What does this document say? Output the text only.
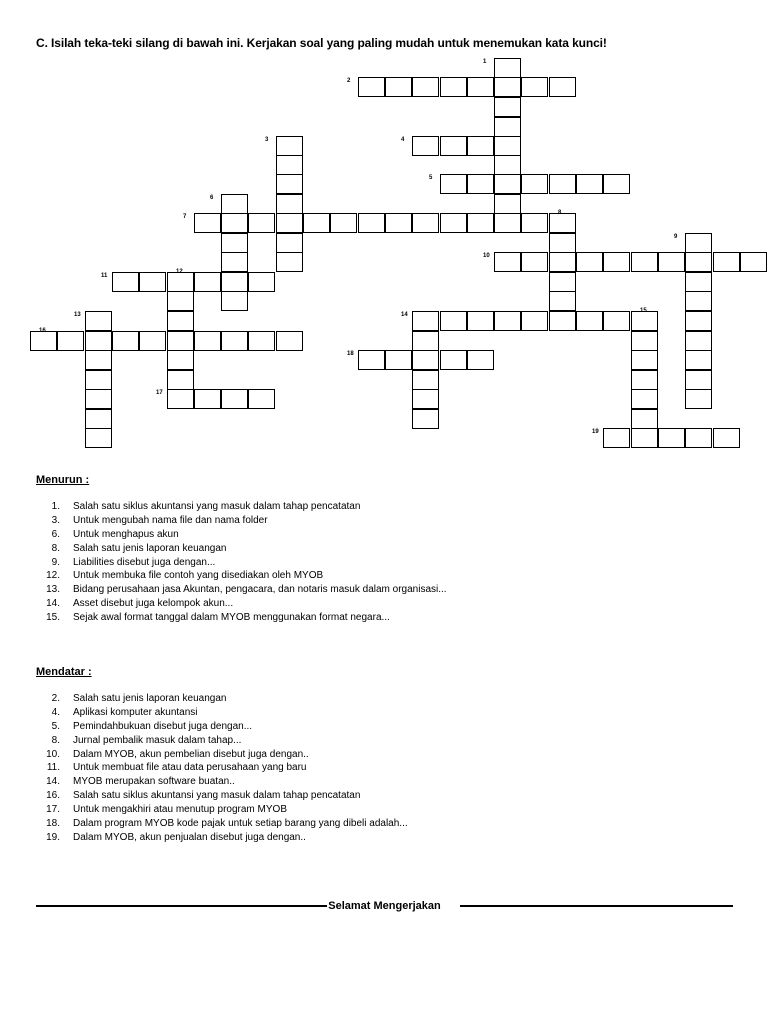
C. Isilah teka-teki silang di bawah ini. Kerjakan soal yang paling mudah untuk menemukan kata kunci!
1
2
3	4
5
6
7
8
9
10
11
12
13	14
15
16
17
18
19
Menurun :
1. Salah satu siklus akuntansi yang masuk dalam tahap pencatatan
3. Untuk mengubah nama file dan nama folder
6. Untuk menghapus akun
8. Salah satu jenis laporan keuangan
9. Liabilities disebut juga dengan...
12. Untuk membuka file contoh yang disediakan oleh MYOB
13. Bidang perusahaan jasa Akuntan, pengacara, dan notaris masuk dalam organisasi...
14. Asset disebut juga kelompok akun...
15. Sejak awal format tanggal dalam MYOB menggunakan format negara...
Mendatar :
2. Salah satu jenis laporan keuangan
4. Aplikasi komputer akuntansi
5. Pemindahbukuan disebut juga dengan...
8. Jurnal pembalik masuk dalam tahap...
10. Dalam MYOB, akun pembelian disebut juga dengan..
11. Untuk membuat file atau data perusahaan yang baru
14. MYOB merupakan software buatan..
16. Salah satu siklus akuntansi yang masuk dalam tahap pencatatan
17. Untuk mengakhiri atau menutup program MYOB
18. Dalam program MYOB kode pajak untuk setiap barang yang dibeli adalah...
19. Dalam MYOB, akun penjualan disebut juga dengan..
Selamat Mengerjakan
